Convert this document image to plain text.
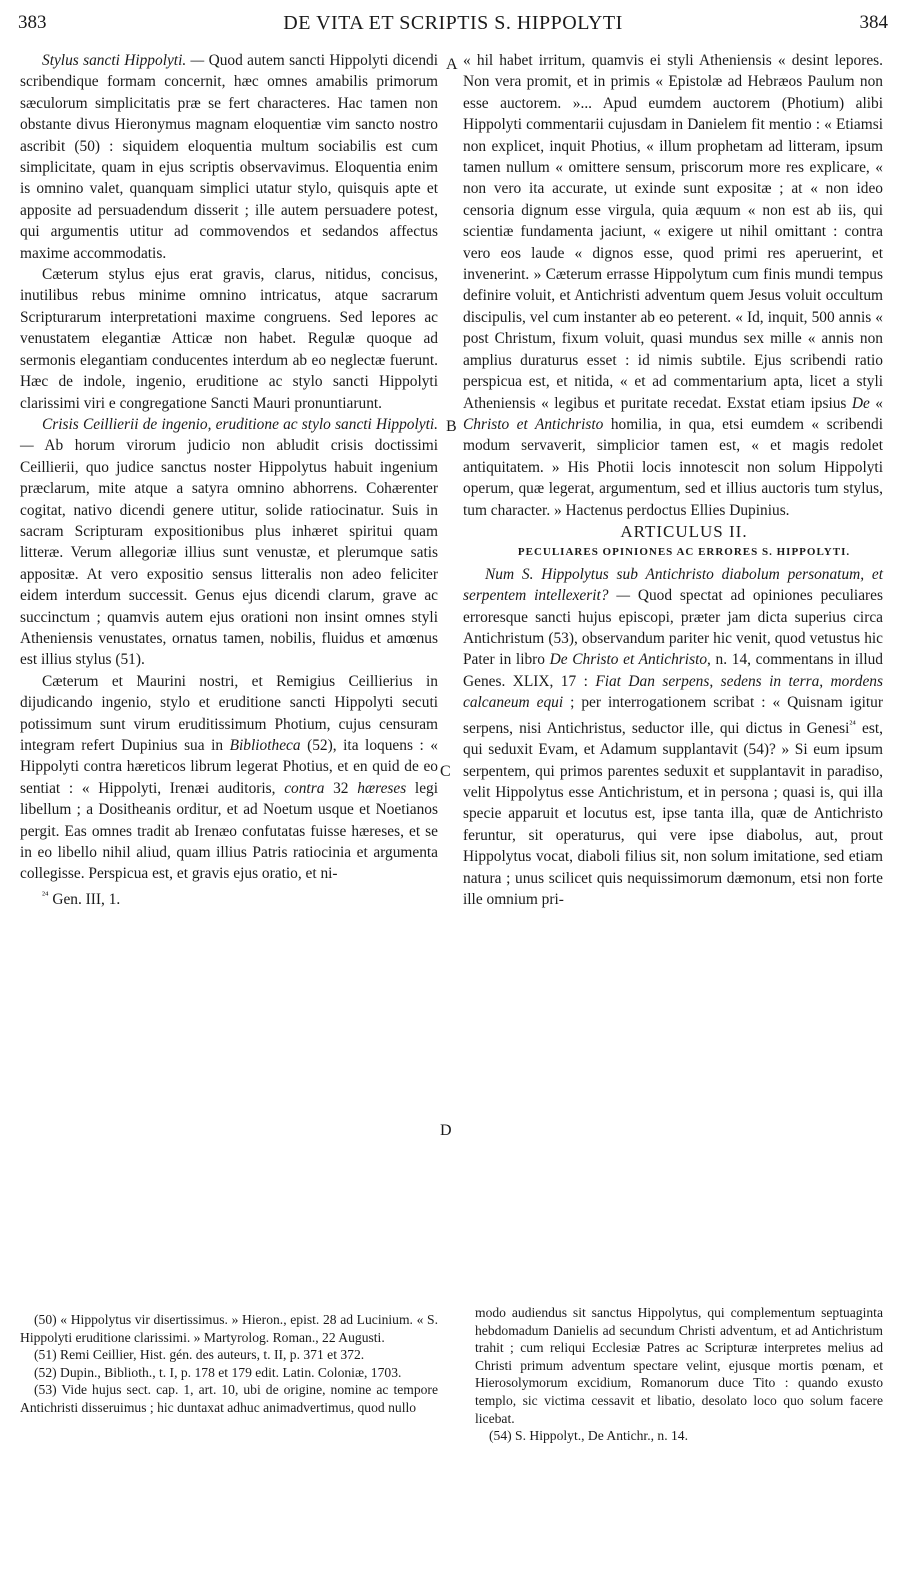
383	DE VITA ET SCRIPTIS S. HIPPOLYTI	384
A
B
C
D

Stylus sancti Hippolyti. — Quod autem sancti Hippolyti dicendi scribendique formam concernit, hæc omnes amabilis primorum sæculorum simplicitatis præ se fert characteres. Hac tamen non obstante divus Hieronymus magnam eloquentiæ vim sancto nostro ascribit (50) : siquidem eloquentia multum sociabilis est cum simplicitate, quam in ejus scriptis observavimus. Eloquentia enim is omnino valet, quanquam simplici utatur stylo, quisquis apte et apposite ad persuadendum disserit ; ille autem persuadere potest, qui argumentis utitur ad commovendos et sedandos affectus maxime accommodatis.

Cæterum stylus ejus erat gravis, clarus, nitidus, concisus, inutilibus rebus minime omnino intricatus, atque sacrarum Scripturarum interpretationi maxime congruens. Sed lepores ac venustatem elegantiæ Atticæ non habet. Regulæ quoque ad sermonis elegantiam conducentes interdum ab eo neglectæ fuerunt. Hæc de indole, ingenio, eruditione ac stylo sancti Hippolyti clarissimi viri e congregatione Sancti Mauri pronuntiarunt.

Crisis Ceillierii de ingenio, eruditione ac stylo sancti Hippolyti. — Ab horum virorum judicio non abludit crisis doctissimi Ceillierii, quo judice sanctus noster Hippolytus habuit ingenium præclarum, mite atque a satyra omnino abhorrens. Cohærenter cogitat, nativo dicendi genere utitur, solide ratiocinatur. Suis in sacram Scripturam expositionibus plus inhæret spiritui quam litteræ. Verum allegoriæ illius sunt venustæ, et plerumque satis appositæ. At vero expositio sensus litteralis non adeo feliciter eidem interdum successit. Genus ejus dicendi clarum, grave ac succinctum ; quamvis autem ejus orationi non insint omnes styli Atheniensis venustates, ornatus tamen, nobilis, fluidus et amœnus est illius stylus (51).

Cæterum et Maurini nostri, et Remigius Ceillierius in dijudicando ingenio, stylo et eruditione sancti Hippolyti secuti potissimum sunt virum eruditissimum Photium, cujus censuram integram refert Dupinius sua in Bibliotheca (52), ita loquens : « Hippolyti contra hæreticos librum legerat Photius, et en quid de eo sentiat : « Hippolyti, Irenæi auditoris, contra 32 hæreses legi libellum ; a Dositheanis orditur, et ad Noetum usque et Noetianos pergit. Eas omnes tradit ab Irenæo confutatas fuisse hæreses, et se in eo libello nihil aliud, quam illius Patris ratiocinia et argumenta collegisse. Perspicua est, et gravis ejus oratio, et ni-

$^{^{24}}$ Gen. III, 1.

(50) « Hippolytus vir disertissimus. » Hieron., epist. 28 ad Lucinium. « S. Hippolyti eruditione clarissimi. » Martyrolog. Roman., 22 Augusti.

(51) Remi Ceillier, Hist. gén. des auteurs, t. II, p. 371 et 372.

(52) Dupin., Biblioth., t. I, p. 178 et 179 edit. Latin. Coloniæ, 1703.

(53) Vide hujus sect. cap. 1, art. 10, ubi de origine, nomine ac tempore Antichristi disseruimus ; hic duntaxat adhuc animadvertimus, quod nullo

« hil habet irritum, quamvis ei styli Atheniensis « desint lepores. Non vera promit, et in primis « Epistolæ ad Hebræos Paulum non esse auctorem. »... Apud eumdem auctorem (Photium) alibi Hippolyti commentarii cujusdam in Danielem fit mentio : « Etiamsi non explicet, inquit Photius, « illum prophetam ad litteram, ipsum tamen nullum « omittere sensum, priscorum more res explicare, « non vero ita accurate, ut exinde sunt expositæ ; at « non ideo censoria dignum esse virgula, quia æquum « non est ab iis, qui scientiæ fundamenta jaciunt, « exigere ut nihil omittant : contra vero eos laude « dignos esse, quod primi res aperuerint, et invenerint. » Cæterum errasse Hippolytum cum finis mundi tempus definire voluit, et Antichristi adventum quem Jesus voluit occultum discipulis, vel cum instanter ab eo peterent. « Id, inquit, 500 annis « post Christum, fixum voluit, quasi mundus sex mille « annis non amplius duraturus esset : id nimis subtile. Ejus scribendi ratio perspicua est, et nitida, « et ad commentarium apta, licet a styli Atheniensis « legibus et puritate recedat. Exstat etiam ipsius De « Christo et Antichristo homilia, in qua, etsi eumdem « scribendi modum servaverit, simplicior tamen est, « et magis redolet antiquitatem. » His Photii locis innotescit non solum Hippolyti operum, quæ legerat, argumentum, sed et illius auctoris tum stylus, tum character. » Hactenus perdoctus Ellies Dupinius.

ARTICULUS II.

PECULIARES OPINIONES AC ERRORES S. HIPPOLYTI.

Num S. Hippolytus sub Antichristo diabolum personatum, et serpentem intellexerit? — Quod spectat ad opiniones peculiares erroresque sancti hujus episcopi, præter jam dicta superius circa Antichristum (53), observandum pariter hic venit, quod vetustus hic Pater in libro De Christo et Antichristo, n. 14, commentans in illud Genes. XLIX, 17 : Fiat Dan serpens, sedens in terra, mordens calcaneum equi ; per interrogationem scribat : « Quisnam igitur serpens, nisi Antichristus, seductor ille, qui dictus in Genesi$^{^{24}}$ est, qui seduxit Evam, et Adamum supplantavit (54)? » Si eum ipsum serpentem, qui primos parentes seduxit et supplantavit in paradiso, velit Hippolytus esse Antichristum, et in persona ; quasi is, qui illa specie apparuit et locutus est, ipse tanta illa, quæ de Antichristo feruntur, sit operaturus, qui vere ipse diabolus, aut, prout Hippolytus vocat, diaboli filius sit, non solum imitatione, sed etiam natura ; unus scilicet quis nequissimorum dæmonum, etsi non forte ille omnium pri-

modo audiendus sit sanctus Hippolytus, qui complementum septuaginta hebdomadum Danielis ad secundum Christi adventum, et ad Antichristum trahit ; cum reliqui Ecclesiæ Patres ac Scripturæ interpretes melius ad Christi primum adventum spectare velint, ejusque mortis pœnam, et Hierosolymorum excidium, Romanorum duce Tito : quando exusto templo, sic victima cessavit et libatio, desolato loco quo solum facere licebat.

(54) S. Hippolyt., De Antichr., n. 14.
